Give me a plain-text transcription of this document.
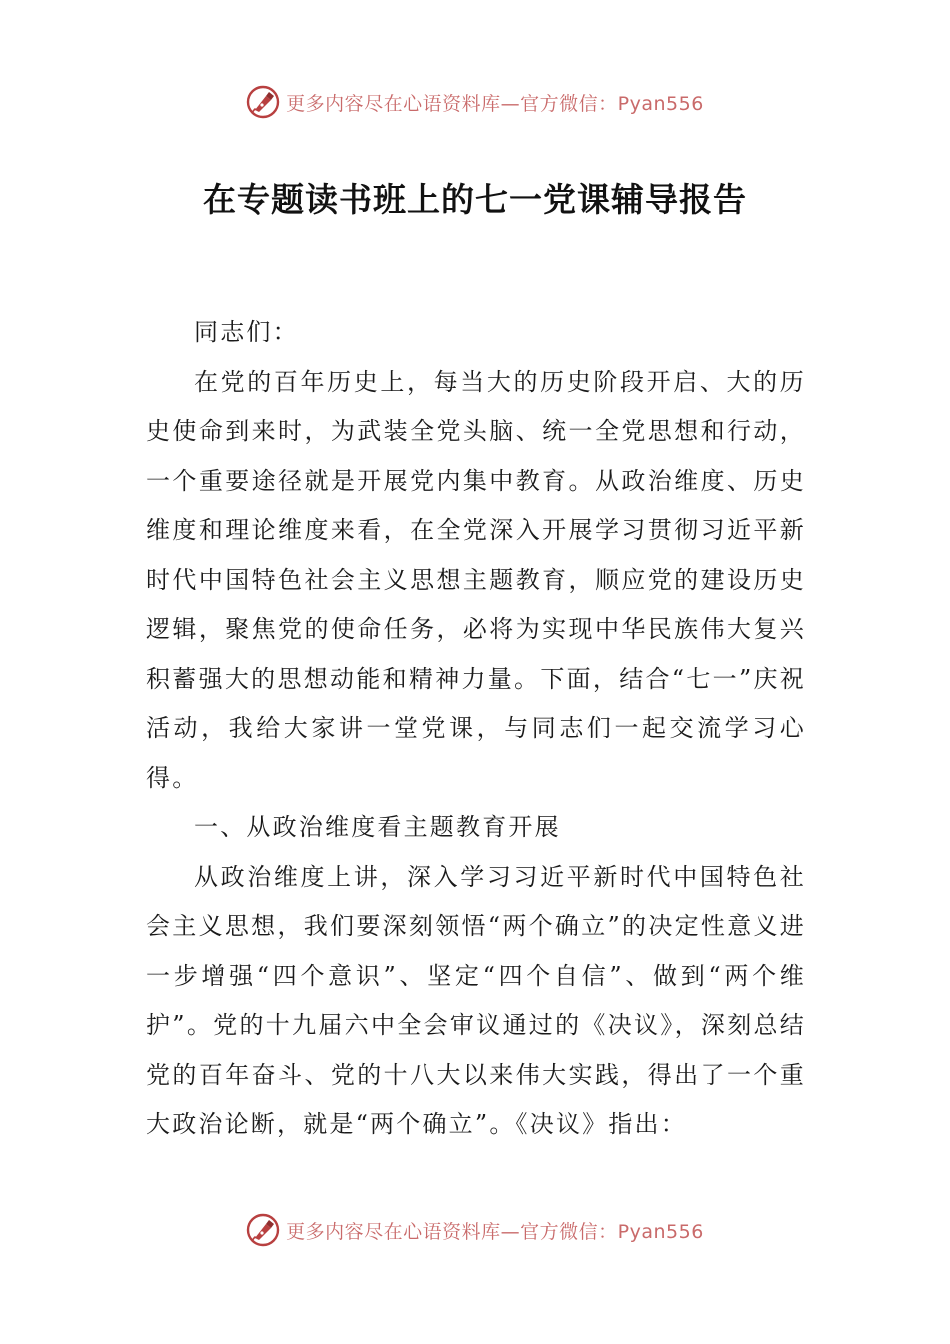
更多内容尽在心语资料库—官方微信：Pyan556
在专题读书班上的七一党课辅导报告

同志们：

在党的百年历史上，每当大的历史阶段开启、大的历史使命到来时，为武装全党头脑、统一全党思想和行动，一个重要途径就是开展党内集中教育。从政治维度、历史维度和理论维度来看，在全党深入开展学习贯彻习近平新时代中国特色社会主义思想主题教育，顺应党的建设历史逻辑，聚焦党的使命任务，必将为实现中华民族伟大复兴积蓄强大的思想动能和精神力量。下面，结合“七一”庆祝活动，我给大家讲一堂党课，与同志们一起交流学习心得。

一、从政治维度看主题教育开展

从政治维度上讲，深入学习习近平新时代中国特色社会主义思想，我们要深刻领悟“两个确立”的决定性意义进一步增强“四个意识”、坚定“四个自信”、做到“两个维护”。党的十九届六中全会审议通过的《决议》，深刻总结党的百年奋斗、党的十八大以来伟大实践，得出了一个重大政治论断，就是“两个确立”。《决议》指出：

更多内容尽在心语资料库—官方微信：Pyan556
